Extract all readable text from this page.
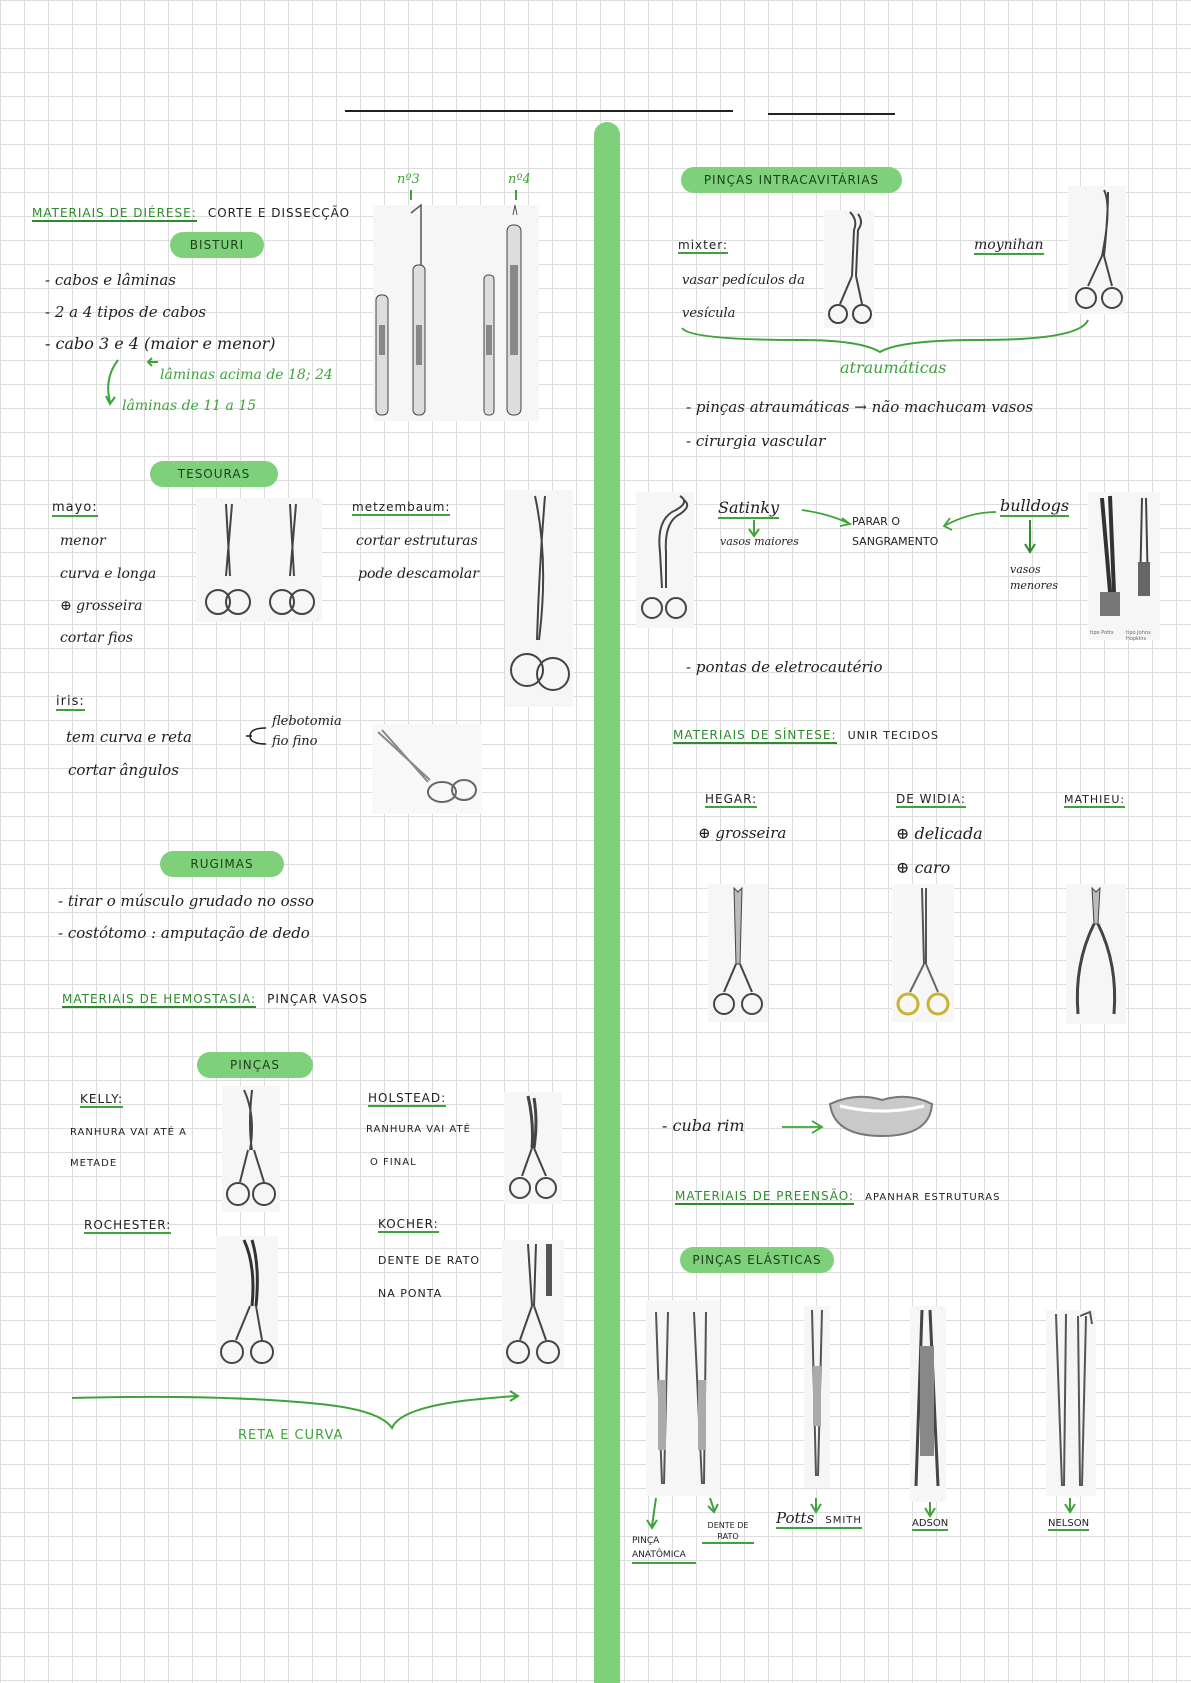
MATERIAIS DE DIÉRESE: CORTE E DISSECÇÃO
BISTURI
- cabos e lâminas
- 2 a 4 tipos de cabos
- cabo 3 e 4 (maior e menor)
lâminas acima de 18; 24
lâminas de 11 a 15
nº3	nº4
TESOURAS
mayo:
menor
curva e longa
⊕ grosseira
cortar fios
metzembaum:
cortar estruturas
pode descamolar
iris:
tem curva e reta
cortar ângulos
flebotomia
fio fino
RUGIMAS
- tirar o músculo grudado no osso
- costótomo : amputação de dedo
MATERIAIS DE HEMOSTASIA: PINÇAR VASOS
PINÇAS
KELLY:
RANHURA VAI ATÉ A
METADE
HOLSTEAD:
RANHURA VAI ATÉ
O FINAL
ROCHESTER:	KOCHER:
DENTE DE RATO
NA PONTA
RETA E CURVA
PINÇAS INTRACAVITÁRIAS
mixter:
vasar pedículos da
vesícula
moynihan
atraumáticas
- pinças atraumáticas → não machucam vasos
- cirurgia vascular
Satinky
vasos maiores
PARAR O SANGRAMENTO
bulldogs
vasos menores
tipo Potts tipo Johns Hopkins
- pontas de eletrocautério
MATERIAIS DE SÍNTESE: UNIR TECIDOS
HEGAR:
⊕ grosseira
DE WIDIA:
⊕ delicada
⊕ caro
MATHIEU:
- cuba rim
MATERIAIS DE PREENSÃO: APANHAR ESTRUTURAS
PINÇAS ELÁSTICAS
PINÇA ANATÔMICA
DENTE DE RATO
Potts SMITH	ADSON	NELSON
